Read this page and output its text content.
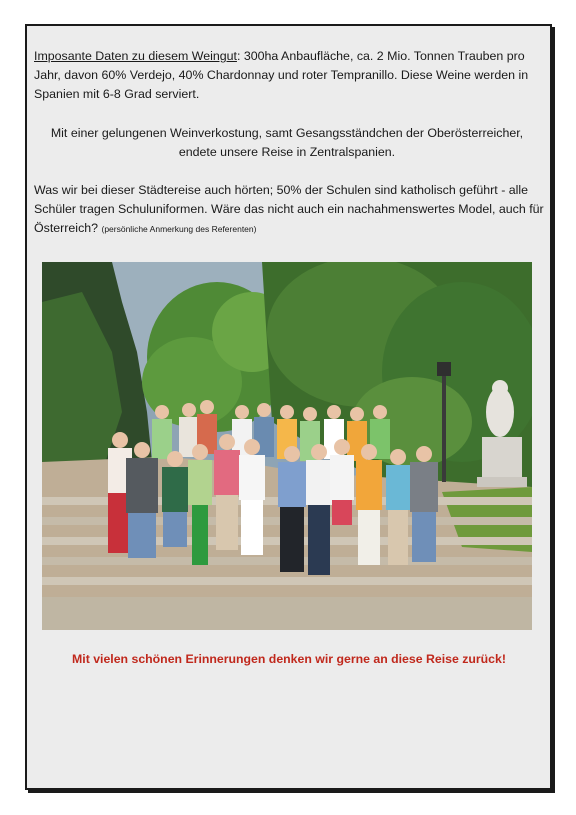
Imposante Daten zu diesem Weingut: 300ha Anbaufläche, ca. 2 Mio. Tonnen Trauben pro Jahr, davon 60% Verdejo, 40% Chardonnay und roter Tempranillo. Diese Weine werden in Spanien mit 6-8 Grad serviert.
Mit einer gelungenen Weinverkostung, samt Gesangsständchen der Oberösterreicher,
endete unsere Reise in Zentralspanien.
Was wir bei dieser Städtereise auch hörten; 50% der Schulen sind katholisch geführt - alle Schüler tragen Schuluniformen. Wäre das nicht auch ein nachahmenswertes Model, auch für Österreich? (persönliche Anmerkung des Referenten)
Mit vielen schönen Erinnerungen denken wir gerne an diese Reise zurück!
